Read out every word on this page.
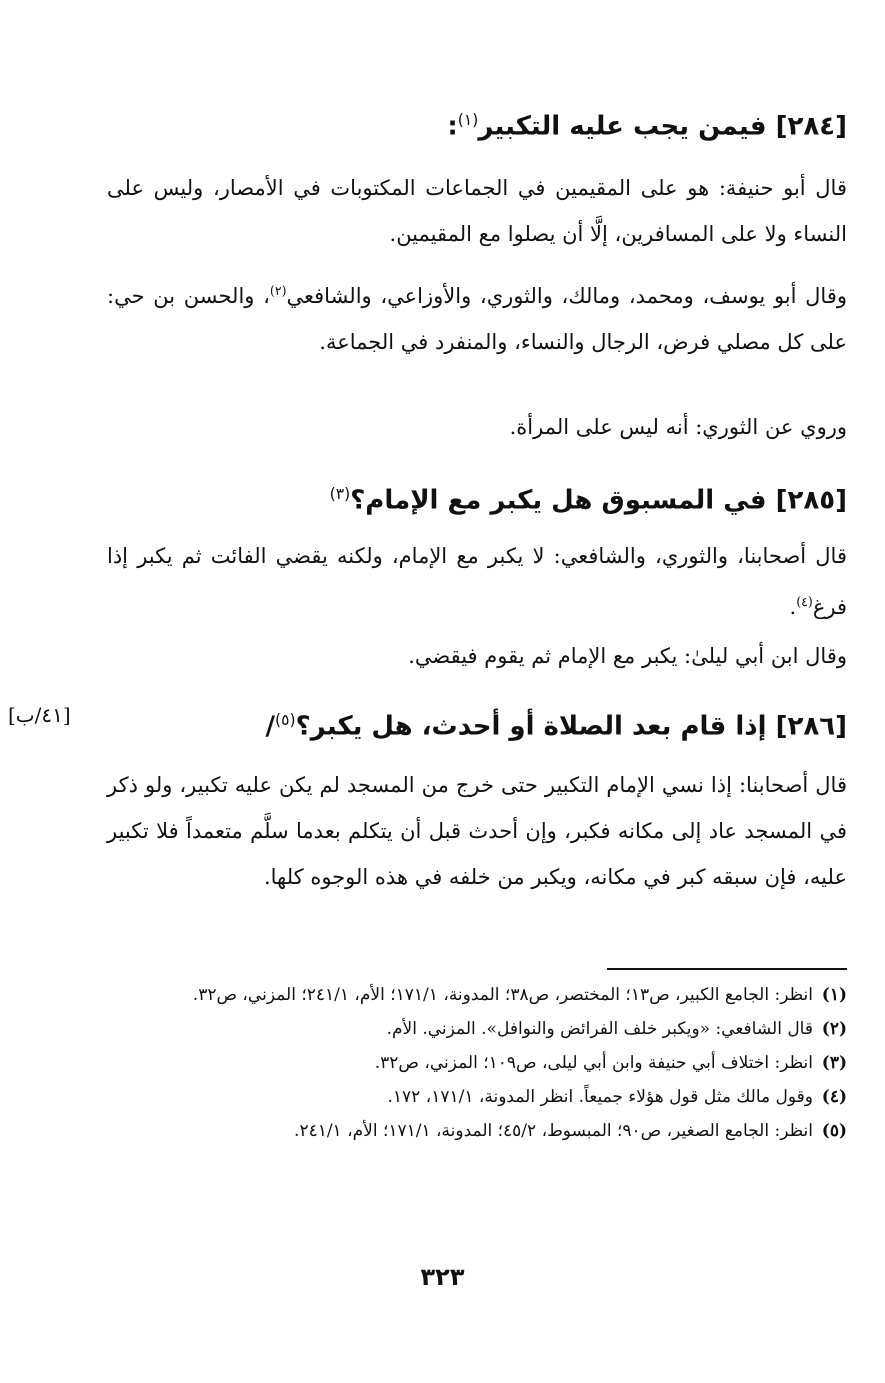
[٢٨٤] فيمن يجب عليه التكبير$^{(١)}$:
قال أبو حنيفة: هو على المقيمين في الجماعات المكتوبات في الأمصار، وليس على النساء ولا على المسافرين، إلَّا أن يصلوا مع المقيمين.
وقال أبو يوسف، ومحمد، ومالك، والثوري، والأوزاعي، والشافعي$^{(٢)}$، والحسن بن حي: على كل مصلي فرض، الرجال والنساء، والمنفرد في الجماعة.
وروي عن الثوري: أنه ليس على المرأة.
[٢٨٥] في المسبوق هل يكبر مع الإمام؟$^{(٣)}$
قال أصحابنا، والثوري، والشافعي: لا يكبر مع الإمام، ولكنه يقضي الفائت ثم يكبر إذا فرغ$^{(٤)}$.
وقال ابن أبي ليلىٰ: يكبر مع الإمام ثم يقوم فيقضي.
[٢٨٦] إذا قام بعد الصلاة أو أحدث، هل يكبر؟$^{(٥)}$/
[٤١/ب]
قال أصحابنا: إذا نسي الإمام التكبير حتى خرج من المسجد لم يكن عليه تكبير، ولو ذكر في المسجد عاد إلى مكانه فكبر، وإن أحدث قبل أن يتكلم بعدما سلَّم متعمداً فلا تكبير عليه، فإن سبقه كبر في مكانه، ويكبر من خلفه في هذه الوجوه كلها.
(١)
انظر: الجامع الكبير، ص١٣؛ المختصر، ص٣٨؛ المدونة، ١٧١/١؛ الأم، ٢٤١/١؛ المزني، ص٣٢.
(٢)
قال الشافعي: «ويكبر خلف الفرائض والنوافل». المزني. الأم.
(٣)
انظر: اختلاف أبي حنيفة وابن أبي ليلى، ص١٠٩؛ المزني، ص٣٢.
(٤)
وقول مالك مثل قول هؤلاء جميعاً. انظر المدونة، ١٧١/١، ١٧٢.
(٥)
انظر: الجامع الصغير، ص٩٠؛ المبسوط، ٤٥/٢؛ المدونة، ١٧١/١؛ الأم، ٢٤١/١.
٣٢٣
